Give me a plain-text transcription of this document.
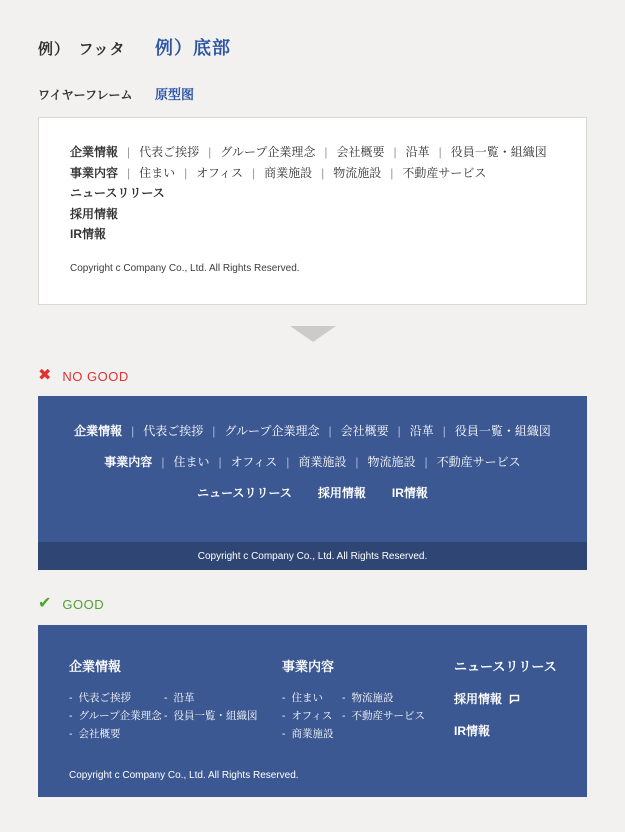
例）　フッタ	例）底部
ワイヤーフレーム	原型图
企業情報 | 代表ご挨拶 | グループ企業理念 | 会社概要 | 沿革 | 役員一覧・組織図
事業内容 | 住まい | オフィス | 商業施設 | 物流施設 | 不動産サービス
ニュースリリース
採用情報
IR情報
Copyright c Company Co., Ltd. All Rights Reserved.
✖ NO GOOD
企業情報 | 代表ご挨拶 | グループ企業理念 | 会社概要 | 沿革 | 役員一覧・組織図
事業内容 | 住まい | オフィス | 商業施設 | 物流施設 | 不動産サービス
ニュースリリース 採用情報 IR情報
Copyright c Company Co., Ltd. All Rights Reserved.
✔ GOOD
企業情報
- 代表ご挨拶
- グループ企業理念
- 会社概要
- 沿革
- 役員一覧・組織図
事業内容
- 住まい
- オフィス
- 商業施設
- 物流施設
- 不動産サービス
ニュースリリース
採用情報
IR情報
Copyright c Company Co., Ltd. All Rights Reserved.
